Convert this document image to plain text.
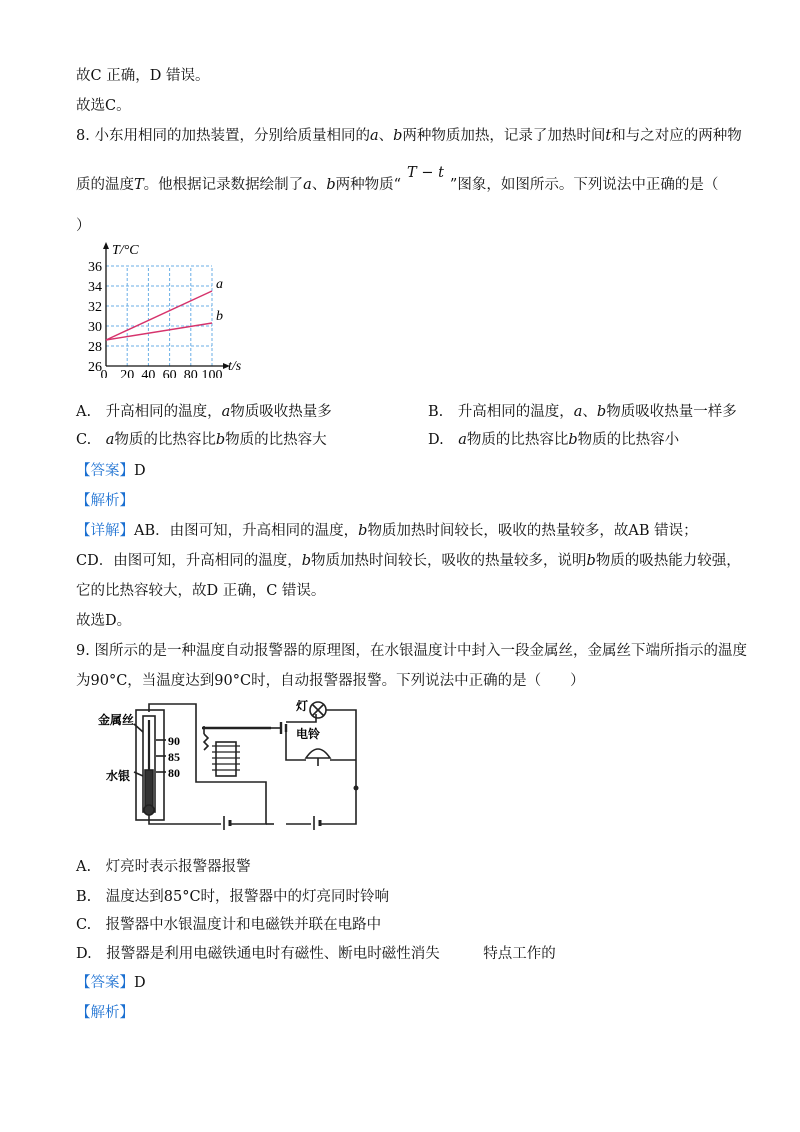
故C 正确，D 错误。
故选C。
8. 小东用相同的加热装置，分别给质量相同的a、b两种物质加热，记录了加热时间t和与之对应的两种物
质的温度T。他根据记录数据绘制了a、b两种物质“T − t”图象，如图所示。下列说法中正确的是（
）
0 20 40 60 80 100
26
28
30
32
34
36
a
b
T/°C
t/s
A.　升高相同的温度，a物质吸收热量多	B.　升高相同的温度，a、b物质吸收热量一样多
C.　a物质的比热容比b物质的比热容大	D.　a物质的比热容比b物质的比热容小
【答案】D
【解析】
【详解】AB．由图可知，升高相同的温度，b物质加热时间较长，吸收的热量较多，故AB 错误；
CD．由图可知，升高相同的温度，b物质加热时间较长，吸收的热量较多，说明b物质的吸热能力较强，
它的比热容较大，故D 正确，C 错误。
故选D。
9. 图所示的是一种温度自动报警器的原理图，在水银温度计中封入一段金属丝，金属丝下端所指示的温度
为90°C，当温度达到90°C时，自动报警器报警。下列说法中正确的是（　　）
金属丝
水银
灯
电铃
90
85
80
A.　灯亮时表示报警器报警
B.　温度达到85°C时，报警器中的灯亮同时铃响
C.　报警器中水银温度计和电磁铁并联在电路中
D.　报警器是利用电磁铁通电时有磁性、断电时磁性消失　　　特点工作的
【答案】D
【解析】
